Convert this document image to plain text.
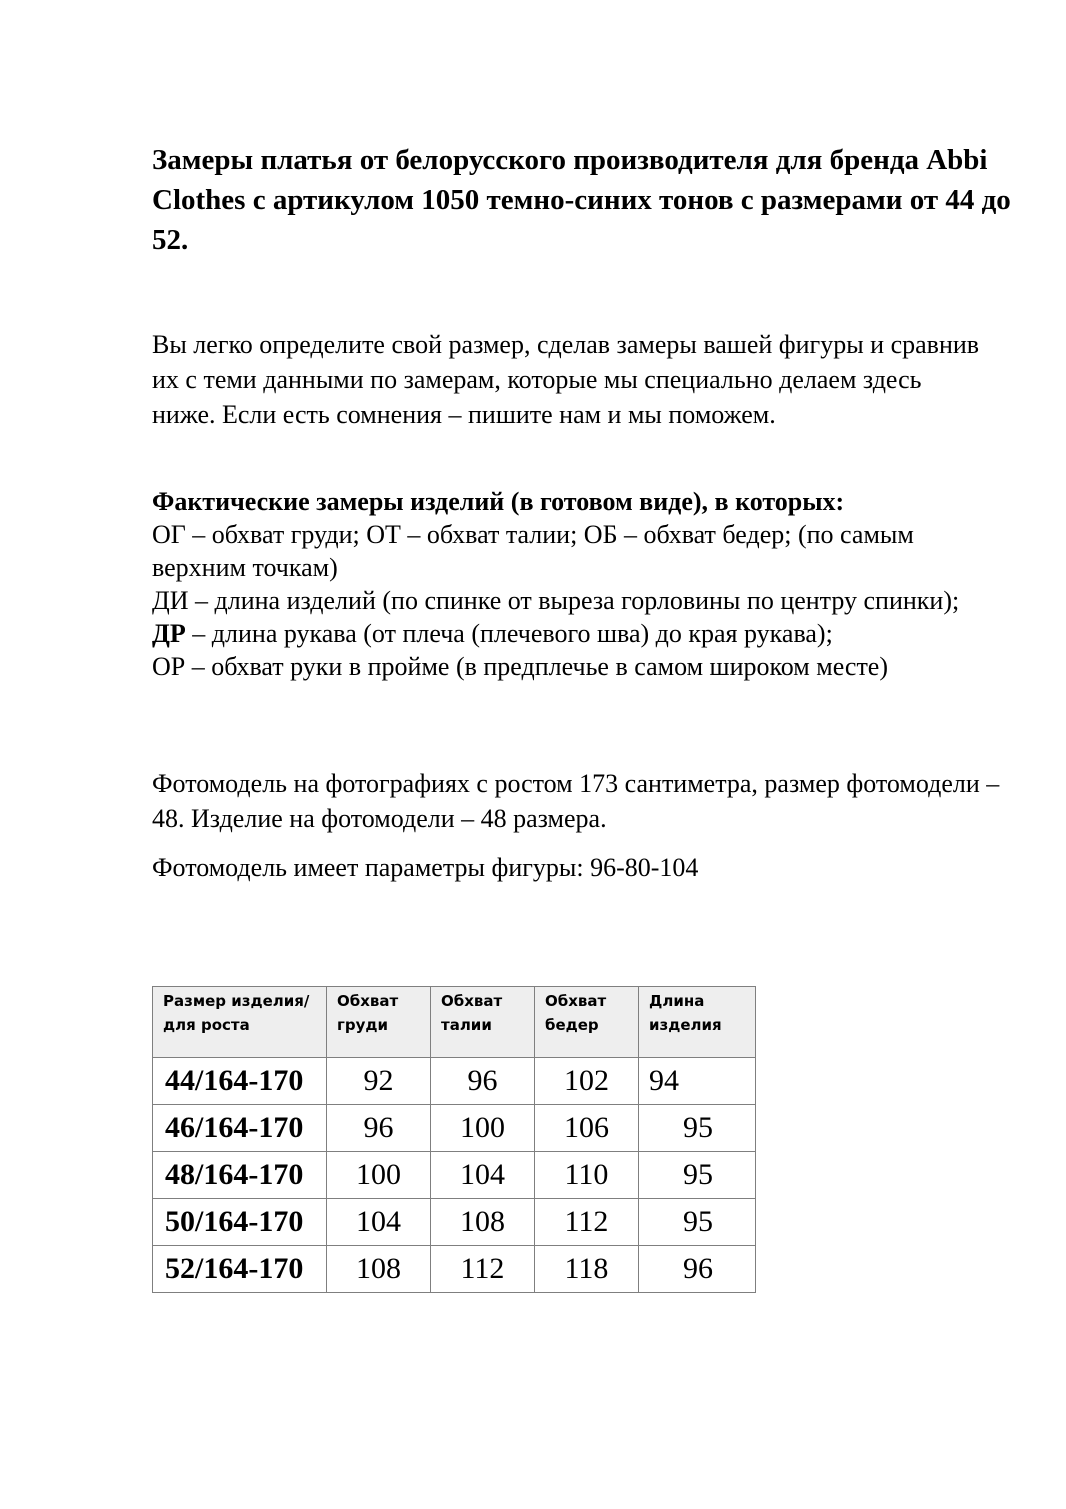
Замеры платья от белорусского производителя для бренда Abbi Clothes с артикулом 1050 темно-синих тонов с размерами от 44 до 52.

Вы легко определите свой размер, сделав замеры вашей фигуры и сравнив их с теми данными по замерам, которые мы специально делаем здесь ниже. Если есть сомнения – пишите нам и мы поможем.

Фактические замеры изделий (в готовом виде), в которых:
ОГ – обхват груди; ОТ – обхват талии; ОБ – обхват бедер; (по самым верхним точкам)
ДИ – длина изделий (по спинке от выреза горловины по центру спинки);
ДР – длина рукава (от плеча (плечевого шва) до края рукава);
ОР – обхват руки в пройме (в предплечье в самом широком месте)

Фотомодель на фотографиях с ростом 173 сантиметра, размер фотомодели – 48. Изделие на фотомодели – 48 размера.

Фотомодель имеет параметры фигуры: 96-80-104

Размер изделия/для роста	Обхват груди	Обхват талии	Обхват бедер	Длина изделия
44/164-170	92	96	102	94
46/164-170	96	100	106	95
48/164-170	100	104	110	95
50/164-170	104	108	112	95
52/164-170	108	112	118	96
